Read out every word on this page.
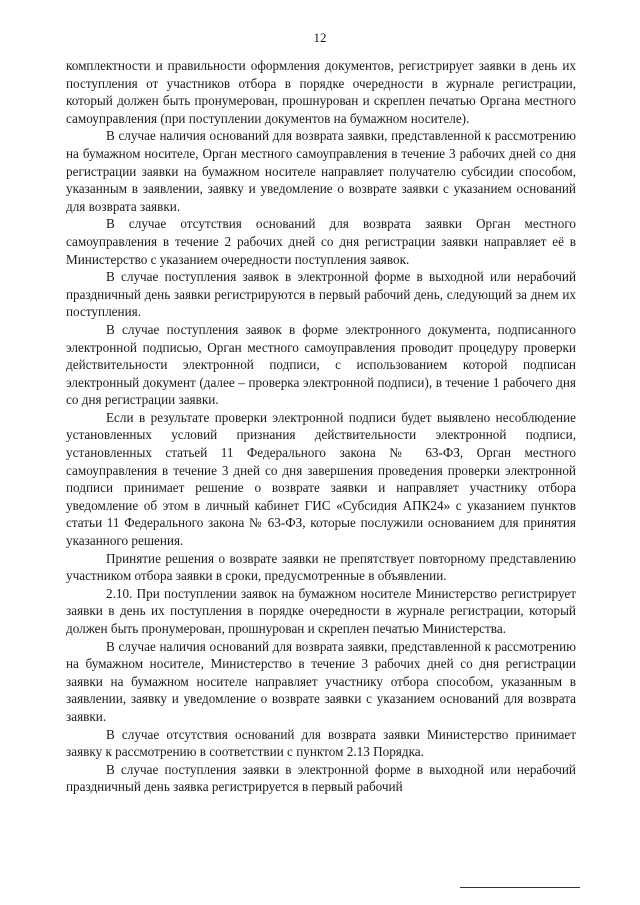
12

комплектности и правильности оформления документов, регистрирует заявки в день их поступления от участников отбора в порядке очередности в журнале регистрации, который должен быть пронумерован, прошнурован и скреплен печатью Органа местного самоуправления (при поступлении документов на бумажном носителе).

В случае наличия оснований для возврата заявки, представленной к рассмотрению на бумажном носителе, Орган местного самоуправления в течение 3 рабочих дней со дня регистрации заявки на бумажном носителе направляет получателю субсидии способом, указанным в заявлении, заявку и уведомление о возврате заявки с указанием оснований для возврата заявки.

В случае отсутствия оснований для возврата заявки Орган местного самоуправления в течение 2 рабочих дней со дня регистрации заявки направляет её в Министерство с указанием очередности поступления заявок.

В случае поступления заявок в электронной форме в выходной или нерабочий праздничный день заявки регистрируются в первый рабочий день, следующий за днем их поступления.

В случае поступления заявок в форме электронного документа, подписанного электронной подписью, Орган местного самоуправления проводит процедуру проверки действительности электронной подписи, с использованием которой подписан электронный документ (далее – проверка электронной подписи), в течение 1 рабочего дня со дня регистрации заявки.

Если в результате проверки электронной подписи будет выявлено несоблюдение установленных условий признания действительности электронной подписи, установленных статьей 11 Федерального закона № 63-ФЗ, Орган местного самоуправления в течение 3 дней со дня завершения проведения проверки электронной подписи принимает решение о возврате заявки и направляет участнику отбора уведомление об этом в личный кабинет ГИС «Субсидия АПК24» с указанием пунктов статьи 11 Федерального закона № 63-ФЗ, которые послужили основанием для принятия указанного решения.

Принятие решения о возврате заявки не препятствует повторному представлению участником отбора заявки в сроки, предусмотренные в объявлении.

2.10. При поступлении заявок на бумажном носителе Министерство регистрирует заявки в день их поступления в порядке очередности в журнале регистрации, который должен быть пронумерован, прошнурован и скреплен печатью Министерства.

В случае наличия оснований для возврата заявки, представленной к рассмотрению на бумажном носителе, Министерство в течение 3 рабочих дней со дня регистрации заявки на бумажном носителе направляет участнику отбора способом, указанным в заявлении, заявку и уведомление о возврате заявки с указанием оснований для возврата заявки.

В случае отсутствия оснований для возврата заявки Министерство принимает заявку к рассмотрению в соответствии с пунктом 2.13 Порядка.

В случае поступления заявки в электронной форме в выходной или нерабочий праздничный день заявка регистрируется в первый рабочий
